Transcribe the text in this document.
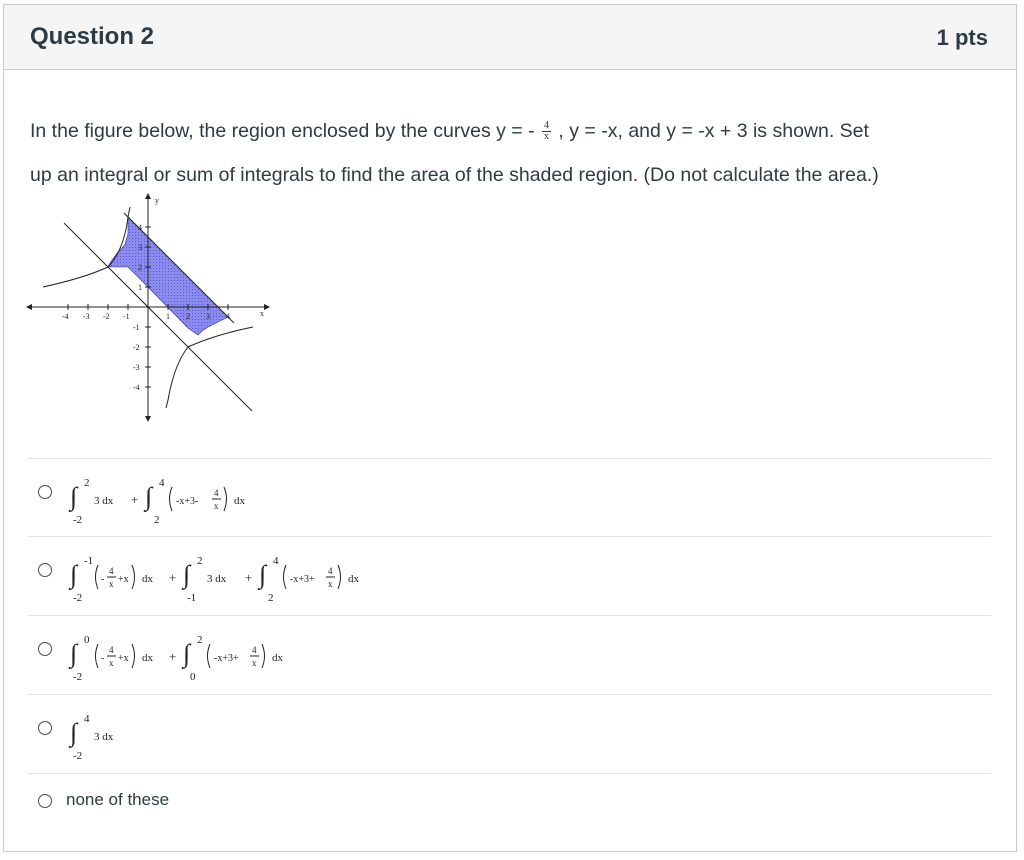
Question 2	1 pts
In the figure below, the region enclosed by the curves y = - $\frac{4}{x}$ , y = -x, and y = -x + 3 is shown. Set
up an integral or sum of integrals to find the area of the shaded region. (Do not calculate the area.)
-4 -3 -2 -1	1 2 3 4
4
3
2
1
-1
-2
-3
-4
x
y
∫ 2
-2
3 dx + ∫ 4
2
-x+3-
4
x dx
∫ -1
-2
-
4
x +x dx + ∫ 2
-1
3 dx + ∫ 4
2
-x+3+
4
x dx
∫ 0
-2
-
4
x +x dx + ∫ 2
0
-x+3+
4
x dx
∫ 4
-2
3 dx
none of these
